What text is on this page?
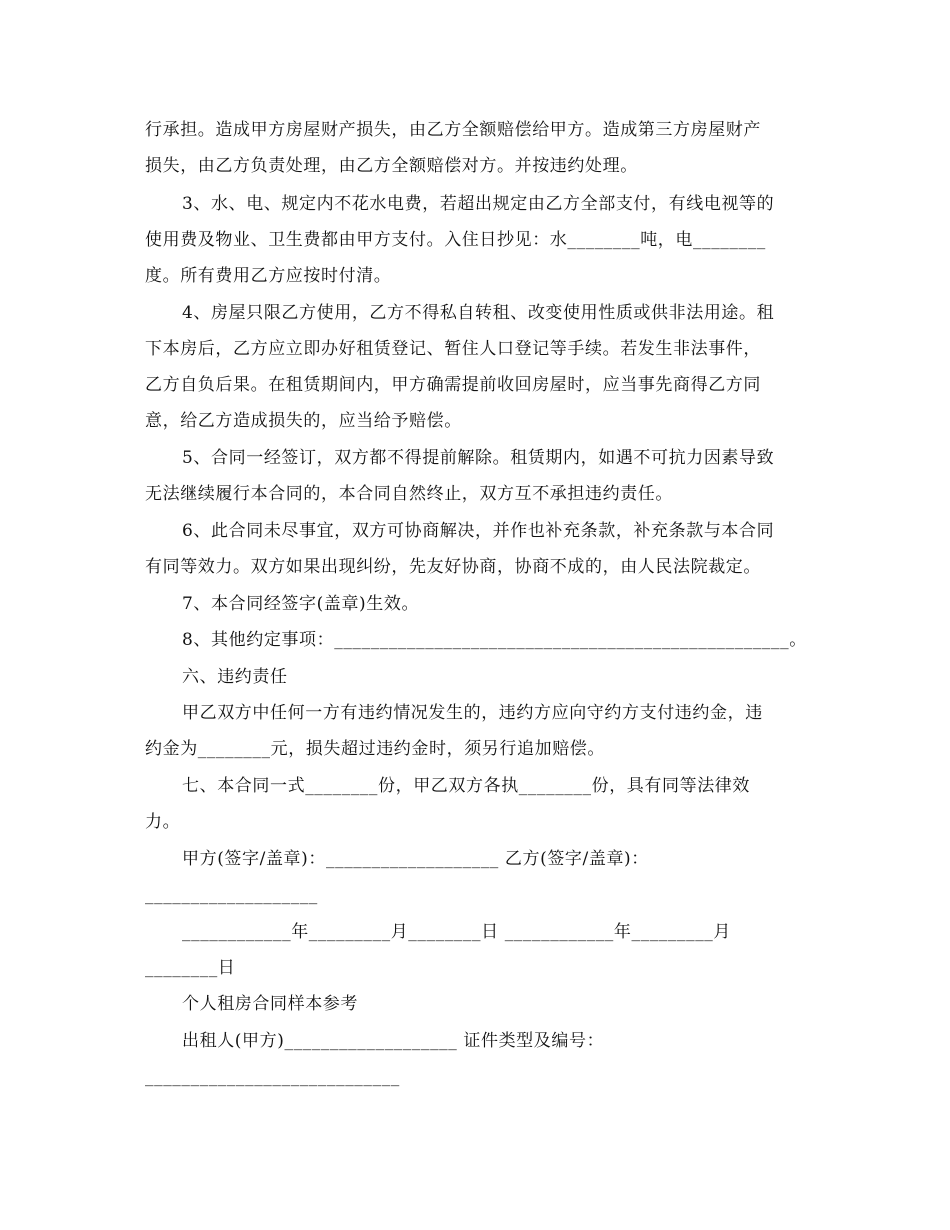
行承担。造成甲方房屋财产损失，由乙方全额赔偿给甲方。造成第三方房屋财产
损失，由乙方负责处理，由乙方全额赔偿对方。并按违约处理。
3、水、电、规定内不花水电费，若超出规定由乙方全部支付，有线电视等的
使用费及物业、卫生费都由甲方支付。入住日抄见：水________吨，电________
度。所有费用乙方应按时付清。
4、房屋只限乙方使用，乙方不得私自转租、改变使用性质或供非法用途。租
下本房后，乙方应立即办好租赁登记、暂住人口登记等手续。若发生非法事件，
乙方自负后果。在租赁期间内，甲方确需提前收回房屋时，应当事先商得乙方同
意，给乙方造成损失的，应当给予赔偿。
5、合同一经签订，双方都不得提前解除。租赁期内，如遇不可抗力因素导致
无法继续履行本合同的，本合同自然终止，双方互不承担违约责任。
6、此合同未尽事宜，双方可协商解决，并作也补充条款，补充条款与本合同
有同等效力。双方如果出现纠纷，先友好协商，协商不成的，由人民法院裁定。
7、本合同经签字(盖章)生效。
8、其他约定事项：__________________________________________________。
六、违约责任
甲乙双方中任何一方有违约情况发生的，违约方应向守约方支付违约金，违
约金为________元，损失超过违约金时，须另行追加赔偿。
七、本合同一式________份，甲乙双方各执________份，具有同等法律效
力。
甲方(签字/盖章)：___________________ 乙方(签字/盖章)：
___________________
____________年_________月________日 ____________年_________月
________日
个人租房合同样本参考
出租人(甲方)___________________ 证件类型及编号：
____________________________
